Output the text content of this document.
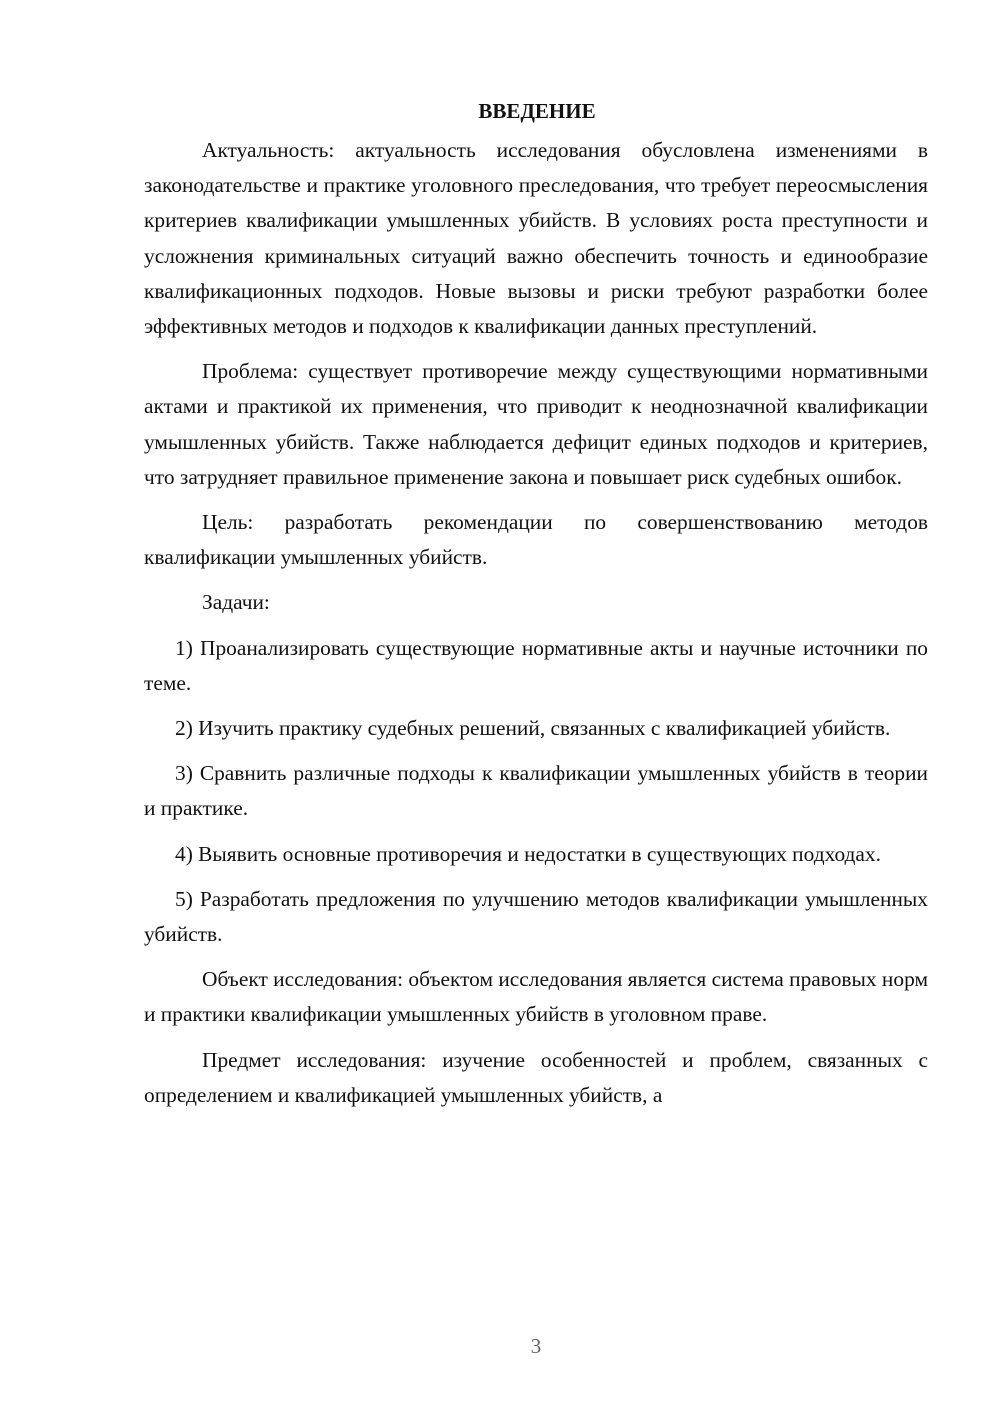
ВВЕДЕНИЕ

Актуальность: актуальность исследования обусловлена изменениями в законодательстве и практике уголовного преследования, что требует переосмысления критериев квалификации умышленных убийств. В условиях роста преступности и усложнения криминальных ситуаций важно обеспечить точность и единообразие квалификационных подходов. Новые вызовы и риски требуют разработки более эффективных методов и подходов к квалификации данных преступлений.

Проблема: существует противоречие между существующими нормативными актами и практикой их применения, что приводит к неоднозначной квалификации умышленных убийств. Также наблюдается дефицит единых подходов и критериев, что затрудняет правильное применение закона и повышает риск судебных ошибок.

Цель: разработать рекомендации по совершенствованию методов квалификации умышленных убийств.

Задачи:

1) Проанализировать существующие нормативные акты и научные источники по теме.

2) Изучить практику судебных решений, связанных с квалификацией убийств.

3) Сравнить различные подходы к квалификации умышленных убийств в теории и практике.

4) Выявить основные противоречия и недостатки в существующих подходах.

5) Разработать предложения по улучшению методов квалификации умышленных убийств.

Объект исследования: объектом исследования является система правовых норм и практики квалификации умышленных убийств в уголовном праве.

Предмет исследования: изучение особенностей и проблем, связанных с определением и квалификацией умышленных убийств, а

3
